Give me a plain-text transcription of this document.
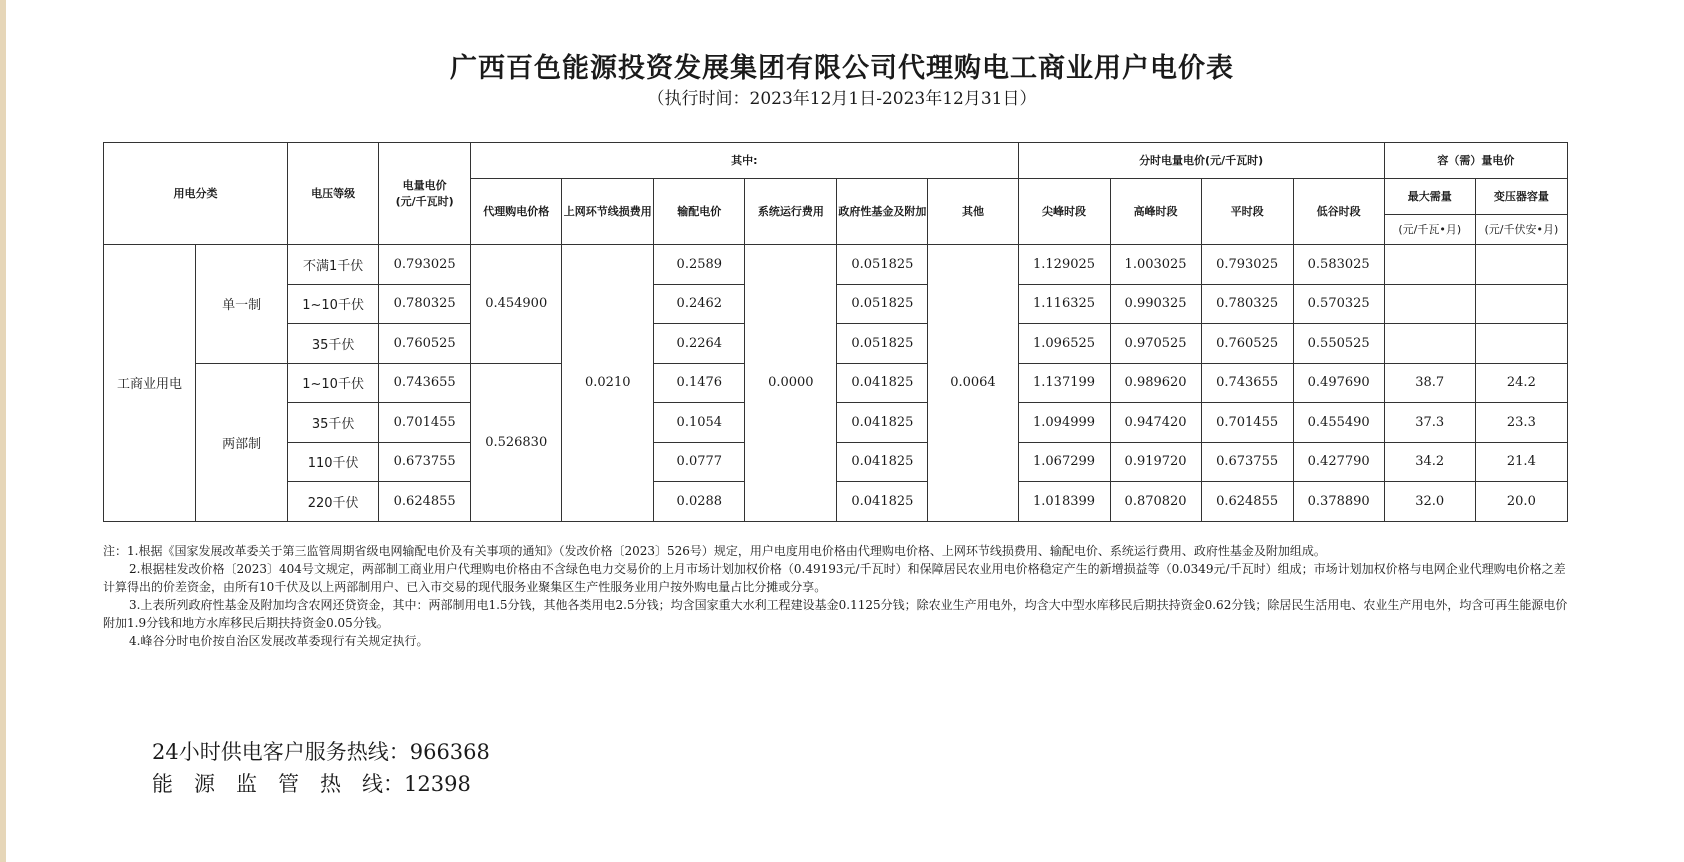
广西百色能源投资发展集团有限公司代理购电工商业用户电价表
（执行时间：2023年12月1日-2023年12月31日）
用电分类		电压等级	电量电价
(元/千瓦时)	其中:						分时电量电价(元/千瓦时)				容（需）量电价	
				代理购电价格	上网环节线损费用	输配电价	系统运行费用	政府性基金及附加	其他	尖峰时段	高峰时段	平时段	低谷时段	最大需量	变压器容量
														(元/千瓦•月)	(元/千伏安•月)
工商业用电	单一制	不满1千伏	0.793025	0.454900	0.0210	0.2589	0.0000	0.051825	0.0064	1.129025	1.003025	0.793025	0.583025		
		1~10千伏	0.780325			0.2462		0.051825		1.116325	0.990325	0.780325	0.570325		
		35千伏	0.760525			0.2264		0.051825		1.096525	0.970525	0.760525	0.550525		
	两部制	1~10千伏	0.743655	0.526830		0.1476		0.041825		1.137199	0.989620	0.743655	0.497690	38.7	24.2
		35千伏	0.701455			0.1054		0.041825		1.094999	0.947420	0.701455	0.455490	37.3	23.3
		110千伏	0.673755			0.0777		0.041825		1.067299	0.919720	0.673755	0.427790	34.2	21.4
		220千伏	0.624855			0.0288		0.041825		1.018399	0.870820	0.624855	0.378890	32.0	20.0

注：1.根据《国家发展改革委关于第三监管周期省级电网输配电价及有关事项的通知》（发改价格〔2023〕526号）规定，用户电度用电价格由代理购电价格、上网环节线损费用、输配电价、系统运行费用、政府性基金及附加组成。

2.根据桂发改价格〔2023〕404号文规定，两部制工商业用户代理购电价格由不含绿色电力交易价的上月市场计划加权价格（0.49193元/千瓦时）和保障居民农业用电价格稳定产生的新增损益等（0.0349元/千瓦时）组成；市场计划加权价格与电网企业代理购电价格之差计算得出的价差资金，由所有10千伏及以上两部制用户、已入市交易的现代服务业聚集区生产性服务业用户按外购电量占比分摊或分享。

3.上表所列政府性基金及附加均含农网还贷资金，其中：两部制用电1.5分钱，其他各类用电2.5分钱；均含国家重大水利工程建设基金0.1125分钱；除农业生产用电外，均含大中型水库移民后期扶持资金0.62分钱；除居民生活用电、农业生产用电外，均含可再生能源电价附加1.9分钱和地方水库移民后期扶持资金0.05分钱。

4.峰谷分时电价按自治区发展改革委现行有关规定执行。

24小时供电客户服务热线：966368
能　源　监　管　热　线：12398
